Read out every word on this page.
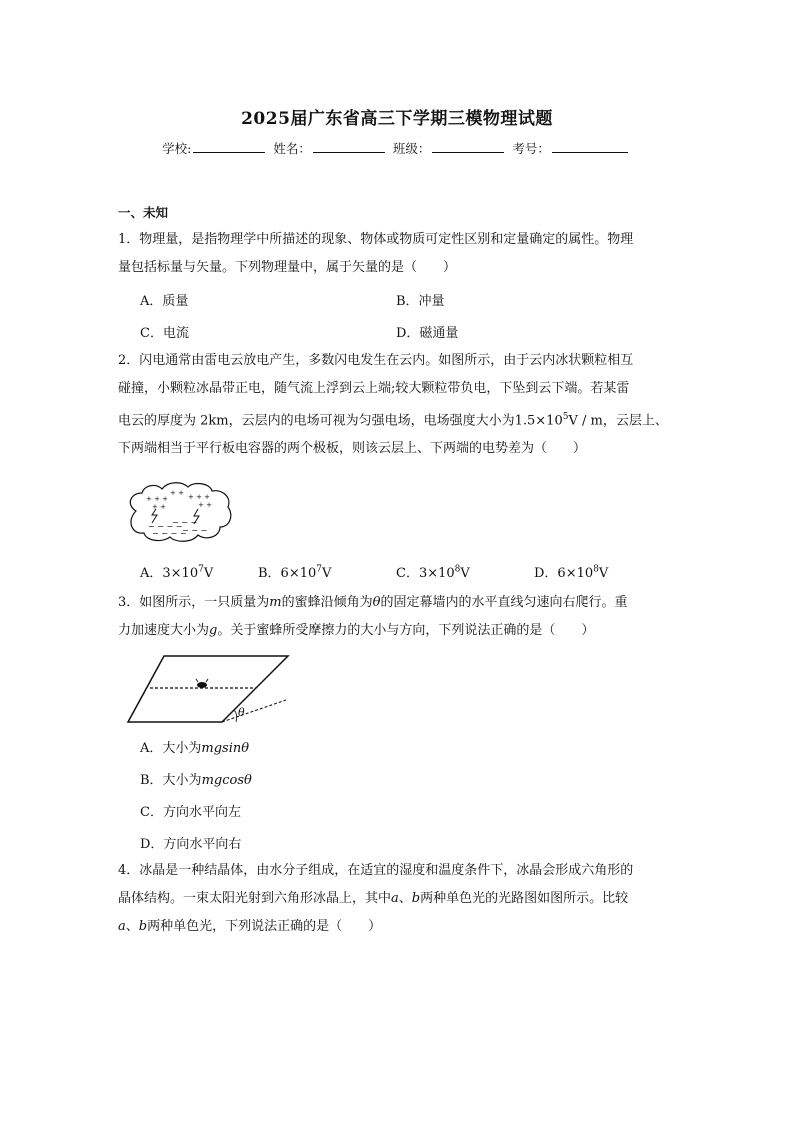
2025届广东省高三下学期三模物理试题
学校:	姓名：	班级：	考号：
一、未知
1．物理量，是指物理学中所描述的现象、物体或物质可定性区别和定量确定的属性。物理
量包括标量与矢量。下列物理量中，属于矢量的是（　　）
A．质量	B．冲量
C．电流	D．磁通量
2．闪电通常由雷电云放电产生，多数闪电发生在云内。如图所示，由于云内冰状颗粒相互
碰撞，小颗粒冰晶带正电，随气流上浮到云上端;较大颗粒带负电，下坠到云下端。若某雷
电云的厚度为 2km，云层内的电场可视为匀强电场，电场强度大小为$1.5\times 10^5V / m$，云层上、
下两端相当于平行板电容器的两个极板，则该云层上、下两端的电势差为（　　）
+ + +
+ + + + +
+ +	+ +
− − − −
− − −
− − − −
− − −
A．$3\times 10^7V$	B．$6\times 10^7V$	C．$3\times 10^8V$	D．$6\times 10^8V$
3．如图所示，一只质量为m的蜜蜂沿倾角为θ的固定幕墙内的水平直线匀速向右爬行。重
力加速度大小为g。关于蜜蜂所受摩擦力的大小与方向，下列说法正确的是（　　）
θ
A．大小为mgsinθ
B．大小为mgcosθ
C．方向水平向左
D．方向水平向右
4．冰晶是一种结晶体，由水分子组成，在适宜的湿度和温度条件下，冰晶会形成六角形的
晶体结构。一束太阳光射到六角形冰晶上，其中a、b两种单色光的光路图如图所示。比较
a、b两种单色光，下列说法正确的是（　　）
